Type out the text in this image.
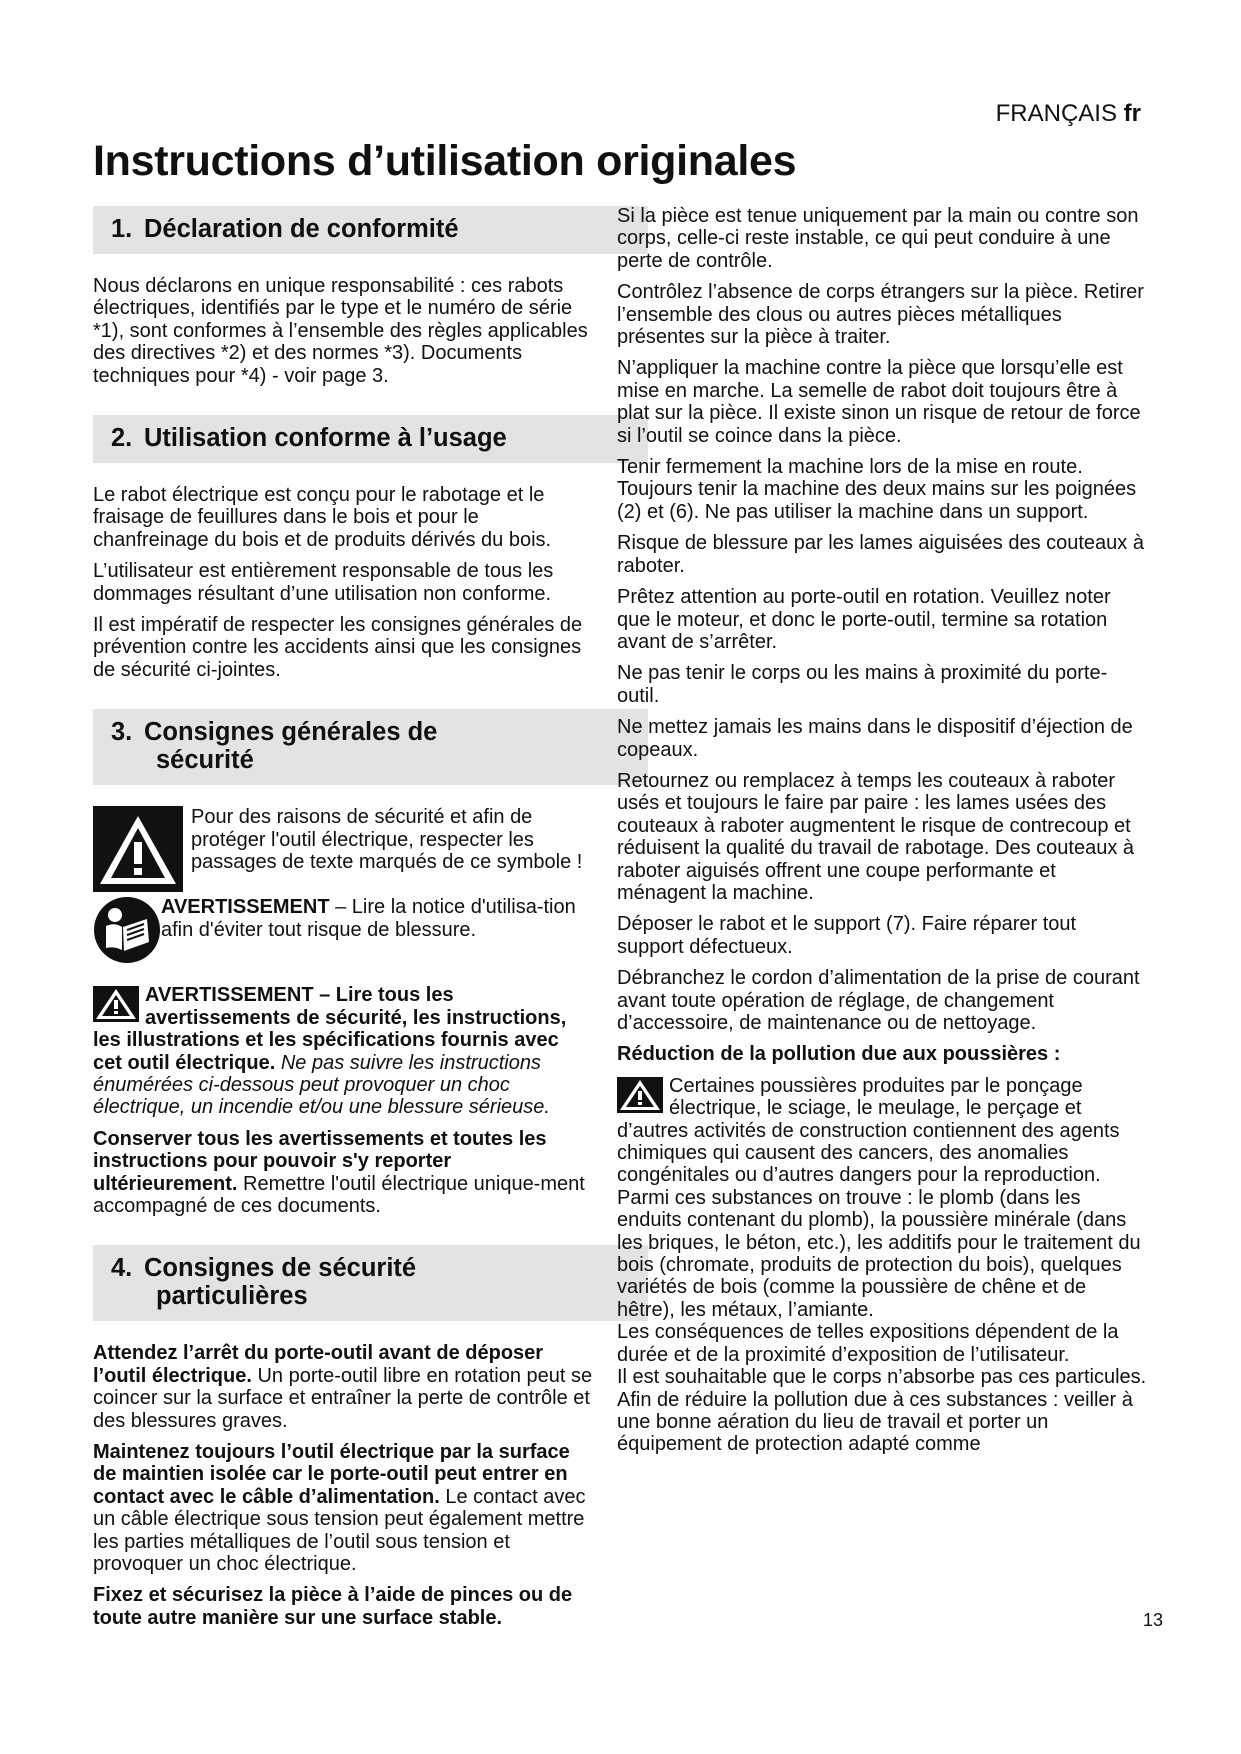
FRANÇAIS fr
Instructions d’utilisation originales
1. Déclaration de conformité

Nous déclarons en unique responsabilité : ces rabots électriques, identifiés par le type et le numéro de série *1), sont conformes à l’ensemble des règles applicables des directives *2) et des normes *3). Documents techniques pour *4) - voir page 3.

2. Utilisation conforme à l’usage

Le rabot électrique est conçu pour le rabotage et le fraisage de feuillures dans le bois et pour le chanfreinage du bois et de produits dérivés du bois.

L’utilisateur est entièrement responsable de tous les dommages résultant d’une utilisation non conforme.

Il est impératif de respecter les consignes générales de prévention contre les accidents ainsi que les consignes de sécurité ci-jointes.

3. Consignes générales de
sécurité

Pour des raisons de sécurité et afin de protéger l'outil électrique, respecter les passages de texte marqués de ce symbole !

AVERTISSEMENT – Lire la notice d'utilisa-tion afin d'éviter tout risque de blessure.

AVERTISSEMENT – Lire tous les avertissements de sécurité, les instructions, les illustrations et les spécifications fournis avec cet outil électrique. Ne pas suivre les instructions énumérées ci-dessous peut provoquer un choc électrique, un incendie et/ou une blessure sérieuse.

Conserver tous les avertissements et toutes les instructions pour pouvoir s'y reporter ultérieurement. Remettre l'outil électrique unique-ment accompagné de ces documents.

4. Consignes de sécurité
particulières

Attendez l’arrêt du porte-outil avant de déposer l’outil électrique. Un porte-outil libre en rotation peut se coincer sur la surface et entraîner la perte de contrôle et des blessures graves.

Maintenez toujours l’outil électrique par la surface de maintien isolée car le porte-outil peut entrer en contact avec le câble d’alimentation. Le contact avec un câble électrique sous tension peut également mettre les parties métalliques de l’outil sous tension et provoquer un choc électrique.

Fixez et sécurisez la pièce à l’aide de pinces ou de toute autre manière sur une surface stable.

Si la pièce est tenue uniquement par la main ou contre son corps, celle-ci reste instable, ce qui peut conduire à une perte de contrôle.

Contrôlez l’absence de corps étrangers sur la pièce. Retirer l’ensemble des clous ou autres pièces métalliques présentes sur la pièce à traiter.

N’appliquer la machine contre la pièce que lorsqu’elle est mise en marche. La semelle de rabot doit toujours être à plat sur la pièce. Il existe sinon un risque de retour de force si l’outil se coince dans la pièce.

Tenir fermement la machine lors de la mise en route.

Toujours tenir la machine des deux mains sur les poignées (2) et (6). Ne pas utiliser la machine dans un support.

Risque de blessure par les lames aiguisées des couteaux à raboter.

Prêtez attention au porte-outil en rotation. Veuillez noter que le moteur, et donc le porte-outil, termine sa rotation avant de s’arrêter.

Ne pas tenir le corps ou les mains à proximité du porte-outil.

Ne mettez jamais les mains dans le dispositif d’éjection de copeaux.

Retournez ou remplacez à temps les couteaux à raboter usés et toujours le faire par paire : les lames usées des couteaux à raboter augmentent le risque de contrecoup et réduisent la qualité du travail de rabotage. Des couteaux à raboter aiguisés offrent une coupe performante et ménagent la machine.

Déposer le rabot et le support (7). Faire réparer tout support défectueux.

Débranchez le cordon d’alimentation de la prise de courant avant toute opération de réglage, de changement d’accessoire, de maintenance ou de nettoyage.

Réduction de la pollution due aux poussières :

Certaines poussières produites par le ponçage électrique, le sciage, le meulage, le perçage et d’autres activités de construction contiennent des agents chimiques qui causent des cancers, des anomalies congénitales ou d’autres dangers pour la reproduction. Parmi ces substances on trouve : le plomb (dans les enduits contenant du plomb), la poussière minérale (dans les briques, le béton, etc.), les additifs pour le traitement du bois (chromate, produits de protection du bois), quelques variétés de bois (comme la poussière de chêne et de hêtre), les métaux, l’amiante.

Les conséquences de telles expositions dépendent de la durée et de la proximité d’exposition de l’utilisateur.

Il est souhaitable que le corps n’absorbe pas ces particules.

Afin de réduire la pollution due à ces substances : veiller à une bonne aération du lieu de travail et porter un équipement de protection adapté comme

13
